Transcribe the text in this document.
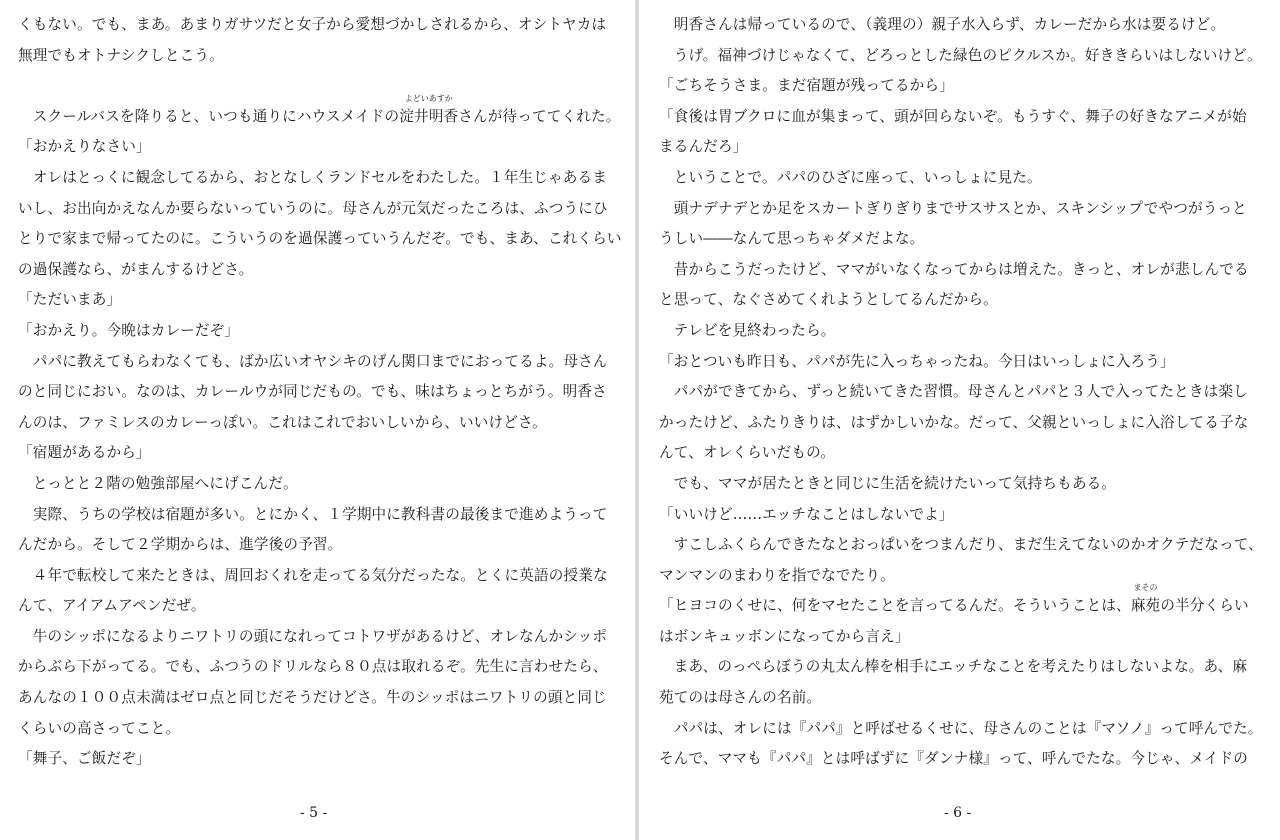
くもない。でも、まあ。あまりガサツだと女子から愛想づかしされるから、オシトヤカは
無理でもオトナシクしとこう。
　スクールバスを降りると、いつも通りにハウスメイドの
よどいあすか
淀井明香さんが待っててくれた。
「おかえりなさい」
　オレはとっくに観念してるから、おとなしくランドセルをわたした。１年生じゃあるま
いし、お出向かえなんか要らないっていうのに。母さんが元気だったころは、ふつうにひ
とりで家まで帰ってたのに。こういうのを過保護っていうんだぞ。でも、まあ、これくらい
の過保護なら、がまんするけどさ。
「ただいまあ」
「おかえり。今晩はカレーだぞ」
　パパに教えてもらわなくても、ばか広いオヤシキのげん関口までにおってるよ。母さん
のと同じにおい。なのは、カレールウが同じだもの。でも、味はちょっとちがう。明香さ
んのは、ファミレスのカレーっぽい。これはこれでおいしいから、いいけどさ。
「宿題があるから」
　とっとと２階の勉強部屋へにげこんだ。
　実際、うちの学校は宿題が多い。とにかく、１学期中に教科書の最後まで進めようって
んだから。そして２学期からは、進学後の予習。
　４年で転校して来たときは、周回おくれを走ってる気分だったな。とくに英語の授業な
んて、アイアムアペンだぜ。
　牛のシッポになるよりニワトリの頭になれってコトワザがあるけど、オレなんかシッポ
からぶら下がってる。でも、ふつうのドリルなら８０点は取れるぞ。先生に言わせたら、
あんなの１００点未満はゼロ点と同じだそうだけどさ。牛のシッポはニワトリの頭と同じ
くらいの高さってこと。
「舞子、ご飯だぞ」
- 5 -
　明香さんは帰っているので、（義理の）親子水入らず、カレーだから水は要るけど。
　うげ。福神づけじゃなくて、どろっとした緑色のピクルスか。好ききらいはしないけど。
「ごちそうさま。まだ宿題が残ってるから」
「食後は胃ブクロに血が集まって、頭が回らないぞ。もうすぐ、舞子の好きなアニメが始
まるんだろ」
　ということで。パパのひざに座って、いっしょに見た。
　頭ナデナデとか足をスカートぎりぎりまでサスサスとか、スキンシップでやつがうっと
うしい――なんて思っちゃダメだよな。
　昔からこうだったけど、ママがいなくなってからは増えた。きっと、オレが悲しんでる
と思って、なぐさめてくれようとしてるんだから。
　テレビを見終わったら。
「おとついも昨日も、パパが先に入っちゃったね。今日はいっしょに入ろう」
　パパができてから、ずっと続いてきた習慣。母さんとパパと３人で入ってたときは楽し
かったけど、ふたりきりは、はずかしいかな。だって、父親といっしょに入浴してる子な
んて、オレくらいだもの。
　でも、ママが居たときと同じに生活を続けたいって気持ちもある。
「いいけど……エッチなことはしないでよ」
　すこしふくらんできたなとおっぱいをつまんだり、まだ生えてないのかオクテだなって、
マンマンのまわりを指でなでたり。
「ヒヨコのくせに、何をマセたことを言ってるんだ。そういうことは、
まその
麻苑の半分くらい
はボンキュッボンになってから言え」
　まあ、のっぺらぼうの丸太ん棒を相手にエッチなことを考えたりはしないよな。あ、麻
苑てのは母さんの名前。
　パパは、オレには『パパ』と呼ばせるくせに、母さんのことは『マソノ』って呼んでた。
そんで、ママも『パパ』とは呼ばずに『ダンナ様』って、呼んでたな。今じゃ、メイドの
- 6 -
